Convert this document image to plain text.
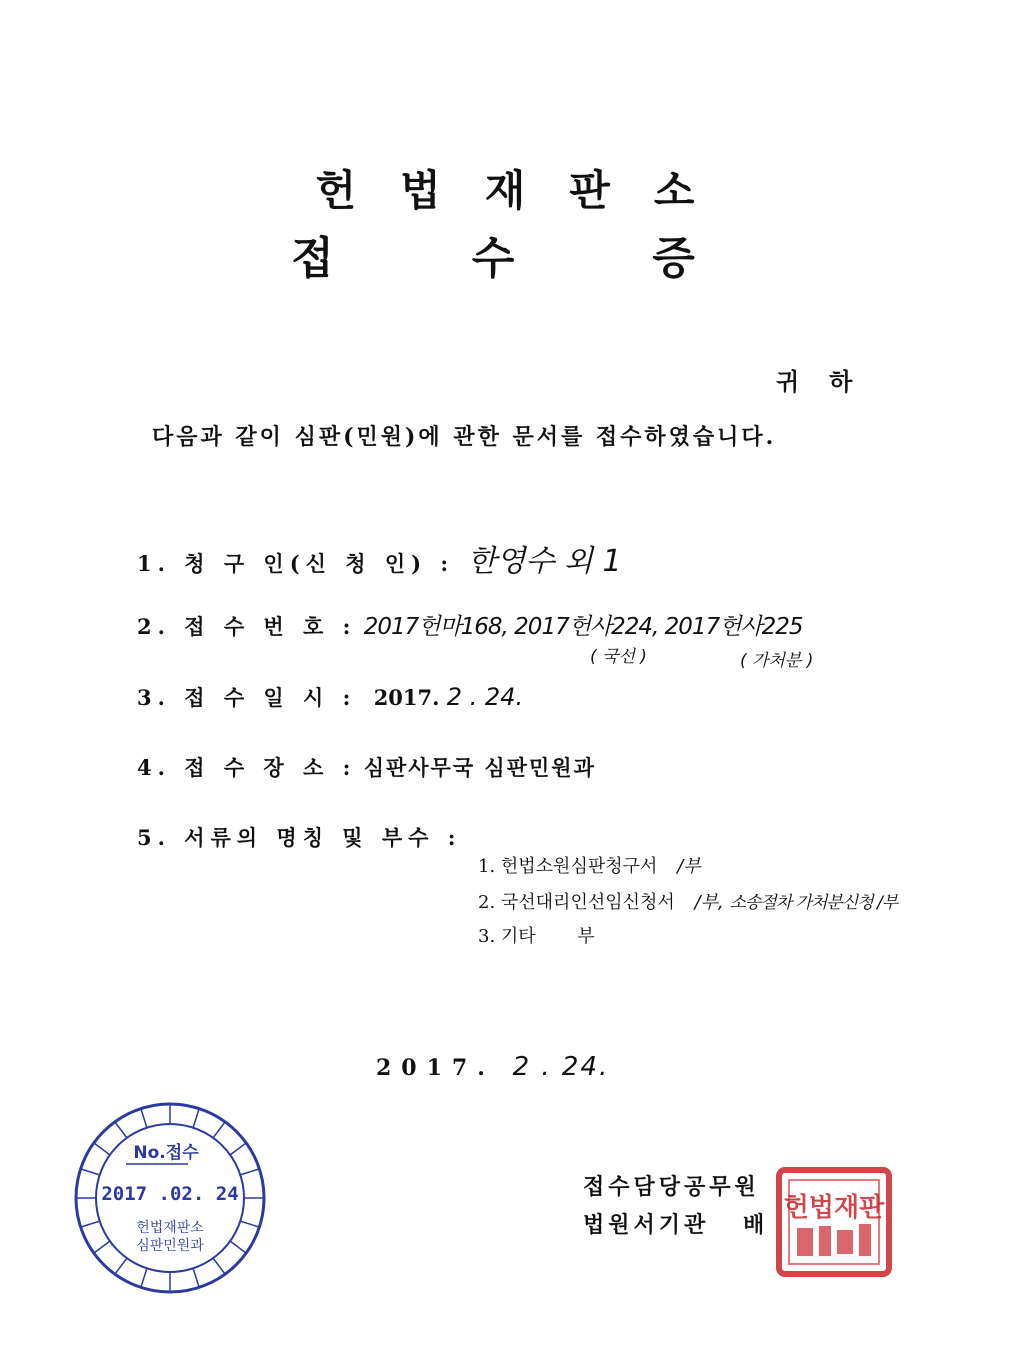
헌법재판소
접수증
귀하
다음과 같이 심판(민원)에 관한 문서를 접수하였습니다.
1. 청 구 인(신 청 인) : 한영수 외 1
2. 접 수 번 호 : 2017헌마168, 2017헌사224, 2017헌사225
( 국선 )	( 가처분 )
3. 접 수 일 시 : 2017. 2 . 24.
4. 접 수 장 소 : 심판사무국 심판민원과
5. 서류의 명칭 및 부수 :
1. 헌법소원심판청구서 /부
2. 국선대리인선임신청서 /부, 소송절차 가처분신청 /부
3. 기타 부
2017. 2 . 24.
No.접수
2017 .02. 24
헌법재판소
심판민원과
접수담당공무원
법원서기관 배
헌법재판
